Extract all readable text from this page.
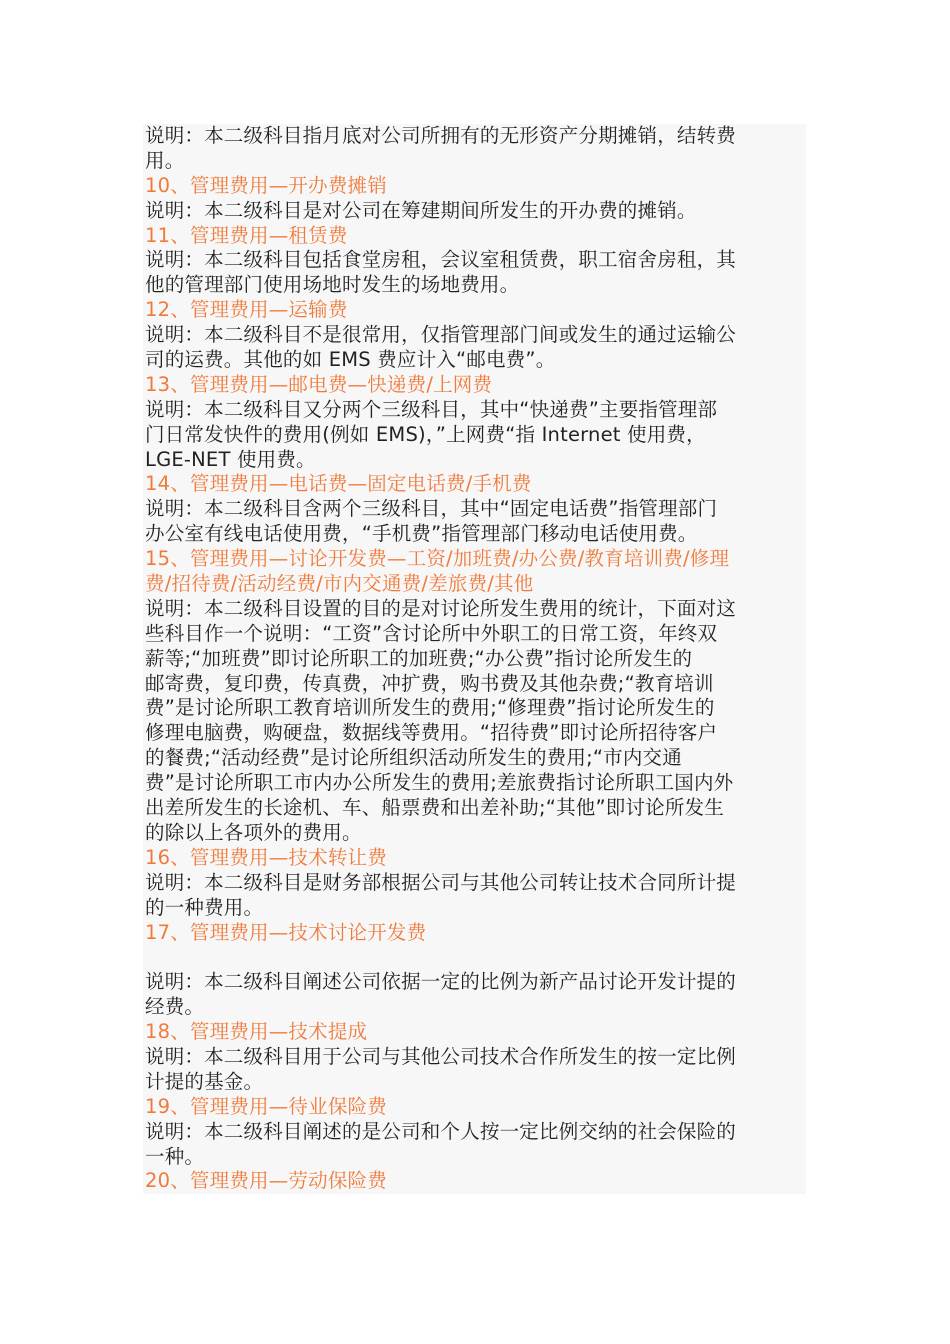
说明：本二级科目指月底对公司所拥有的无形资产分期摊销，结转费
用。
10、管理费用—开办费摊销
说明：本二级科目是对公司在筹建期间所发生的开办费的摊销。
11、管理费用—租赁费
说明：本二级科目包括食堂房租，会议室租赁费，职工宿舍房租，其
他的管理部门使用场地时发生的场地费用。
12、管理费用—运输费
说明：本二级科目不是很常用，仅指管理部门间或发生的通过运输公
司的运费。其他的如 EMS 费应计入“邮电费”。
13、管理费用—邮电费—快递费/上网费
说明：本二级科目又分两个三级科目，其中“快递费”主要指管理部
门日常发快件的费用(例如 EMS)，”上网费“指 Internet 使用费，
LGE-NET 使用费。
14、管理费用—电话费—固定电话费/手机费
说明：本二级科目含两个三级科目，其中“固定电话费”指管理部门
办公室有线电话使用费，“手机费”指管理部门移动电话使用费。
15、管理费用—讨论开发费—工资/加班费/办公费/教育培训费/修理
费/招待费/活动经费/市内交通费/差旅费/其他
说明：本二级科目设置的目的是对讨论所发生费用的统计，下面对这
些科目作一个说明：“工资”含讨论所中外职工的日常工资，年终双
薪等;“加班费”即讨论所职工的加班费;“办公费”指讨论所发生的
邮寄费，复印费，传真费，冲扩费，购书费及其他杂费;“教育培训
费”是讨论所职工教育培训所发生的费用;“修理费”指讨论所发生的
修理电脑费，购硬盘，数据线等费用。“招待费”即讨论所招待客户
的餐费;“活动经费”是讨论所组织活动所发生的费用;“市内交通
费”是讨论所职工市内办公所发生的费用;差旅费指讨论所职工国内外
出差所发生的长途机、车、船票费和出差补助;“其他”即讨论所发生
的除以上各项外的费用。
16、管理费用—技术转让费
说明：本二级科目是财务部根据公司与其他公司转让技术合同所计提
的一种费用。
17、管理费用—技术讨论开发费
说明：本二级科目阐述公司依据一定的比例为新产品讨论开发计提的
经费。
18、管理费用—技术提成
说明：本二级科目用于公司与其他公司技术合作所发生的按一定比例
计提的基金。
19、管理费用—待业保险费
说明：本二级科目阐述的是公司和个人按一定比例交纳的社会保险的
一种。
20、管理费用—劳动保险费
